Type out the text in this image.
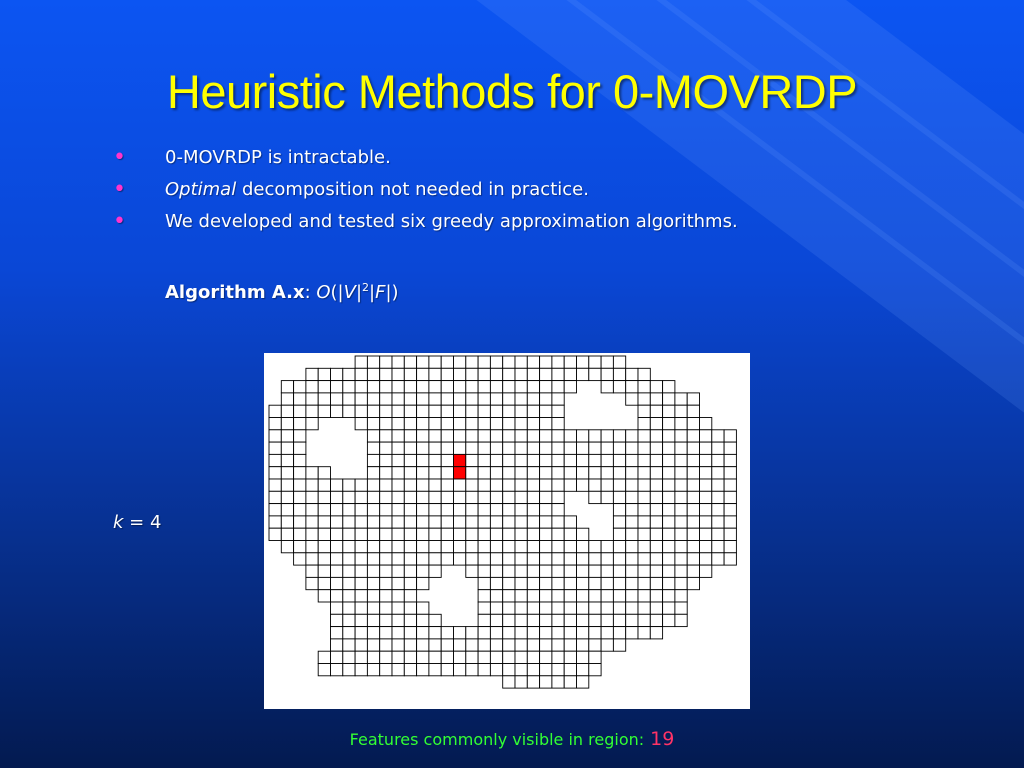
Heuristic Methods for 0-MOVRDP
• 0-MOVRDP is intractable.
• Optimal decomposition not needed in practice.
• We developed and tested six greedy approximation algorithms.
Algorithm A.x: $O(|V|^2|F|)$
k = 4
Features commonly visible in region: 19
